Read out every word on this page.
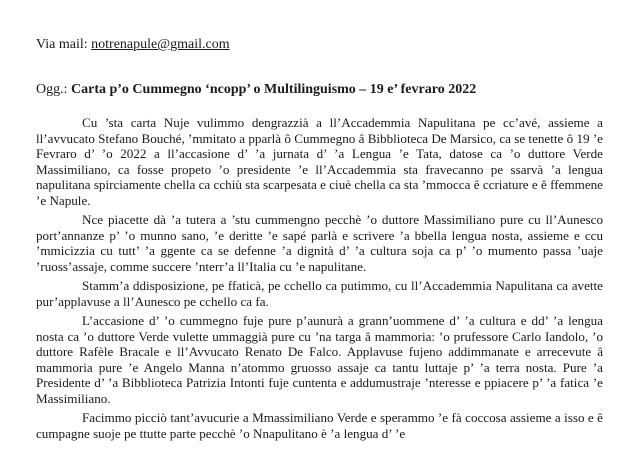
Via mail: notrenapule@gmail.com
Ogg.: Carta p’o Cummegno ‘ncopp’ o Multilinguismo – 19 e’ fevraro 2022

Cu ’sta carta Nuje vulimmo dengrazzià a ll’Accademmia Napulitana pe cc’avé, assieme a ll’avvucato Stefano Bouché, ’mmitato a pparlà ô Cummegno â Bibblioteca De Marsico, ca se tenette ô 19 ’e Fevraro d’ ’o 2022 a ll’accasione d’ ’a jurnata d’ ’a Lengua ’e Tata, datose ca ’o duttore Verde Massimiliano, ca fosse propeto ’o presidente ’e ll’Accademmia sta fravecanno pe ssarvà ’a lengua napulitana spirciamente chella ca cchiù sta scarpesata e ciuè chella ca sta ’mmocca ê ccriature e ê ffemmene ’e Napule.

Nce piacette dà ’a tutera a ’stu cummengno pecchè ’o duttore Massimiliano pure cu ll’Aunesco port’annanze p’ ’o munno sano, ’e deritte ’e sapé parlà e scrivere ’a bbella lengua nosta, assieme e ccu ’mmicizzia cu tutt’ ’a ggente ca se defenne ’a dignità d’ ’a cultura soja ca p’ ’o mumento passa ’uaje ’ruoss’assaje, comme succere ’nterr’a ll’Italia cu ’e napulitane.

Stamm’a ddisposizione, pe ffaticà, pe cchello ca putimmo, cu ll’Accademmia Napulitana ca avette pur’applavuse a ll’Aunesco pe cchello ca fa.

L’accasione d’ ’o cummegno fuje pure p’aunurà a grann’uommene d’ ’a cultura e dd’ ’a lengua nosta ca ’o duttore Verde vulette ummaggià pure cu ’na targa â mammoria: ’o prufessore Carlo Iandolo, ’o duttore Rafèle Bracale e ll’Avvucato Renato De Falco. Applavuse fujeno addimmanate e arrecevute â mammoria pure ’e Angelo Manna n’atommo gruosso assaje ca tantu luttaje p’ ’a terra nosta. Pure ’a Presidente d’ ’a Bibblioteca Patrizia Intonti fuje cuntenta e addumustraje ’nteresse e ppiacere p’ ’a fatica ’e Massimiliano.

Facimmo picciò tant’avucurie a Mmassimiliano Verde e sperammo ’e fà coccosa assieme a isso e ê cumpagne suoje pe ttutte parte pecchè ’o Nnapulitano è ’a lengua d’ ’e
